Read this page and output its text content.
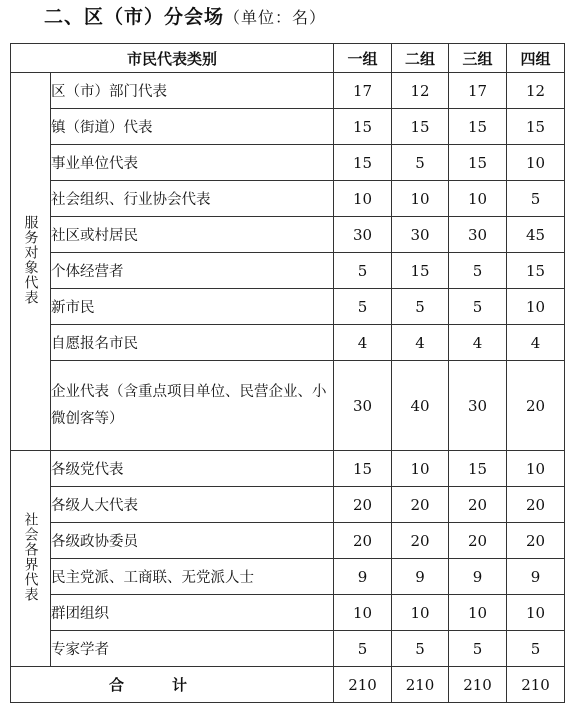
二、区（市）分会场（单位：名）
市民代表类别		一组	二组	三组	四组
服务对象代表	区（市）部门代表	17	12	17	12
	镇（街道）代表	15	15	15	15
	事业单位代表	15	5	15	10
	社会组织、行业协会代表	10	10	10	5
	社区或村居民	30	30	30	45
	个体经营者	5	15	5	15
	新市民	5	5	5	10
	自愿报名市民	4	4	4	4
	企业代表（含重点项目单位、民营企业、小微创客等）	30	40	30	20
社会各界代表	各级党代表	15	10	15	10
	各级人大代表	20	20	20	20
	各级政协委员	20	20	20	20
	民主党派、工商联、无党派人士	9	9	9	9
	群团组织	10	10	10	10
	专家学者	5	5	5	5
合计		210	210	210	210
